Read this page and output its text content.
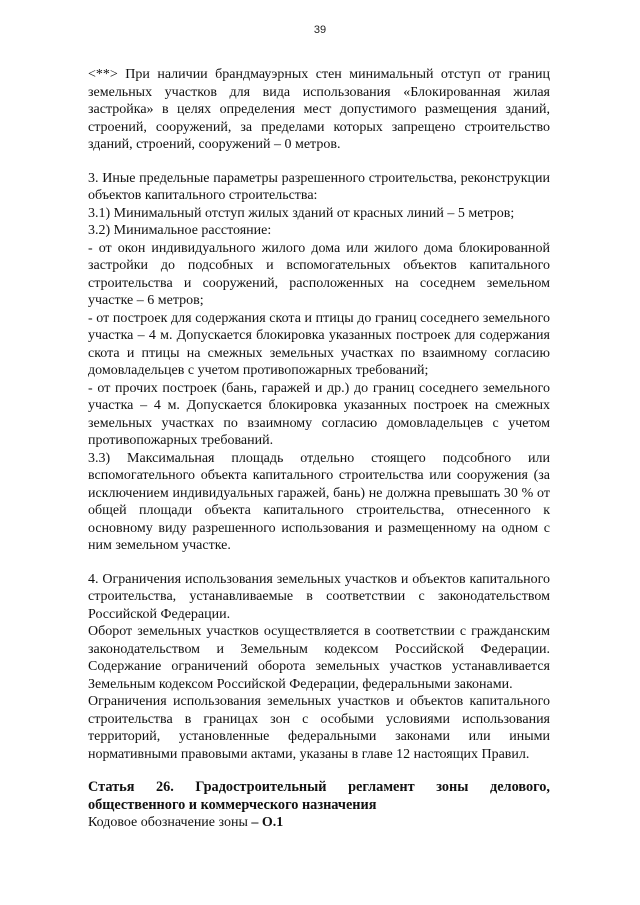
39

<**> При наличии брандмауэрных стен минимальный отступ от границ земельных участков для вида использования «Блокированная жилая застройка» в целях определения мест допустимого размещения зданий, строений, сооружений, за пределами которых запрещено строительство зданий, строений, сооружений – 0 метров.

3. Иные предельные параметры разрешенного строительства, реконструкции объектов капитального строительства:

3.1) Минимальный отступ жилых зданий от красных линий – 5 метров;

3.2) Минимальное расстояние:

- от окон индивидуального жилого дома или жилого дома блокированной застройки до подсобных и вспомогательных объектов капитального строительства и сооружений, расположенных на соседнем земельном участке – 6 метров;

- от построек для содержания скота и птицы до границ соседнего земельного участка – 4 м. Допускается блокировка указанных построек для содержания скота и птицы на смежных земельных участках по взаимному согласию домовладельцев с учетом противопожарных требований;

- от прочих построек (бань, гаражей и др.) до границ соседнего земельного участка – 4 м. Допускается блокировка указанных построек на смежных земельных участках по взаимному согласию домовладельцев с учетом противопожарных требований.

3.3) Максимальная площадь отдельно стоящего подсобного или вспомогательного объекта капитального строительства или сооружения (за исключением индивидуальных гаражей, бань) не должна превышать 30 % от общей площади объекта капитального строительства, отнесенного к основному виду разрешенного использования и размещенному на одном с ним земельном участке.

4. Ограничения использования земельных участков и объектов капитального строительства, устанавливаемые в соответствии с законодательством Российской Федерации.

Оборот земельных участков осуществляется в соответствии с гражданским законодательством и Земельным кодексом Российской Федерации. Содержание ограничений оборота земельных участков устанавливается Земельным кодексом Российской Федерации, федеральными законами.

Ограничения использования земельных участков и объектов капитального строительства в границах зон с особыми условиями использования территорий, установленные федеральными законами или иными нормативными правовыми актами, указаны в главе 12 настоящих Правил.

Статья 26. Градостроительный регламент зоны делового, общественного и коммерческого назначения

Кодовое обозначение зоны – О.1
